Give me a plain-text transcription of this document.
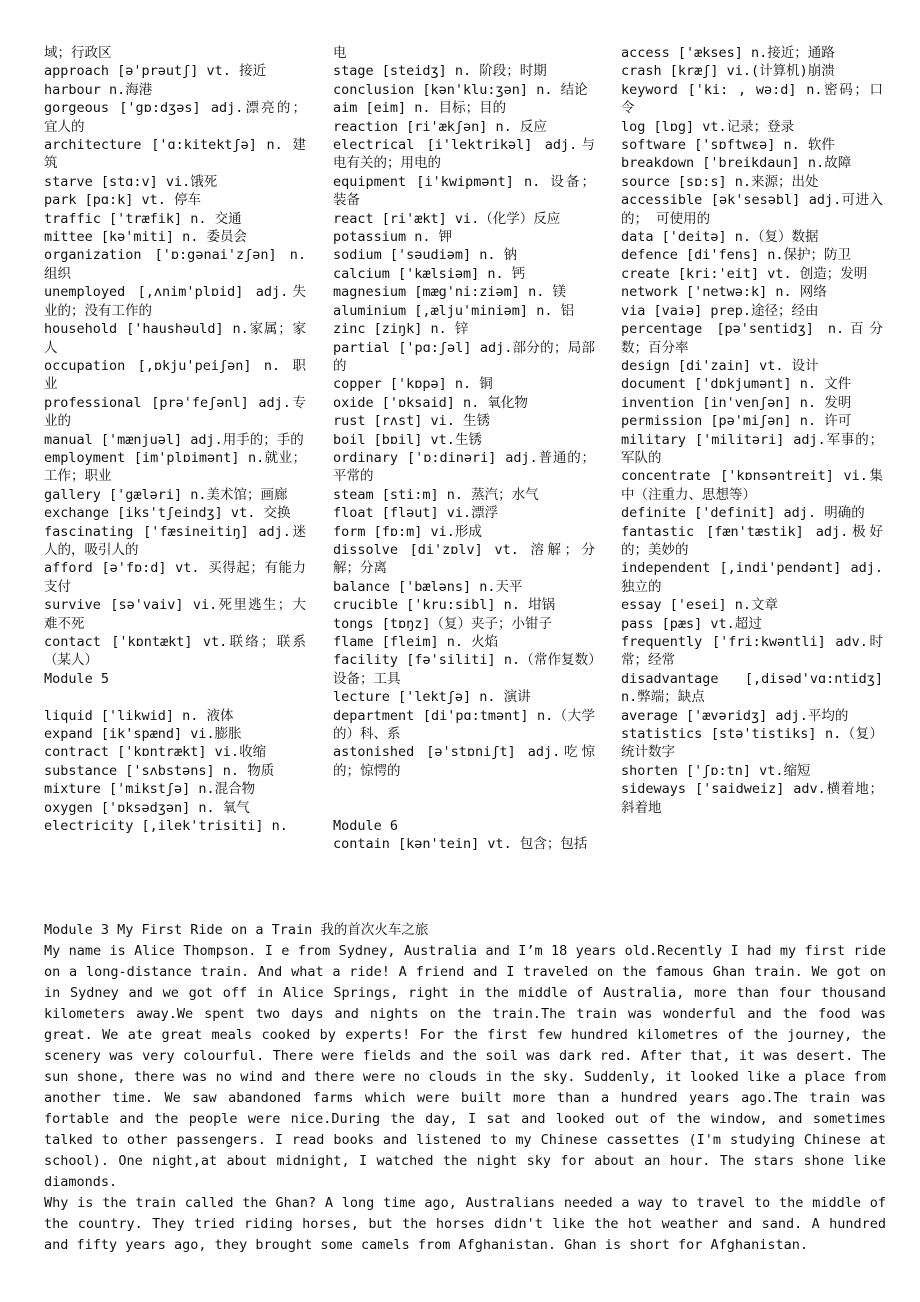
域；行政区

approach [ə'prəutʃ] vt. 接近

harbour n.海港

gorgeous ['gɒ:dʒəs] adj.漂亮的；宜人的

architecture ['ɑ:kitektʃə] n. 建筑

starve [stɑ:v] vi.饿死

park [pɑ:k] vt. 停车

traffic ['træfik] n. 交通

mittee [kə'miti] n. 委员会

organization ['ɒ:gənai'zʃən] n. 组织

unemployed [,ʌnim'plɒid] adj.失业的；没有工作的

household ['haushəuld] n.家属；家人

occupation [,ɒkju'peiʃən] n. 职业

professional [prə'feʃənl] adj.专业的

manual ['mænjuəl] adj.用手的；手的

employment [im'plɒimənt] n.就业；工作；职业

gallery ['gæləri] n.美术馆；画廊

exchange [iks'tʃeindʒ] vt. 交换

fascinating ['fæsineitiŋ] adj.迷人的，吸引人的

afford [ə'fɒ:d] vt. 买得起；有能力支付

survive [sə'vaiv] vi.死里逃生；大难不死

contact ['kɒntækt] vt.联络；联系（某人）

Module 5

liquid ['likwid] n. 液体

expand [ik'spænd] vi.膨胀

contract ['kɒntrækt] vi.收缩

substance ['sʌbstəns] n. 物质

mixture ['mikstʃə] n.混合物

oxygen ['ɒksədʒən] n. 氧气

electricity [,ilek'trisiti] n.

电

stage [steidʒ] n. 阶段；时期

conclusion [kən'klu:ʒən] n. 结论

aim [eim] n. 目标；目的

reaction [ri'ækʃən] n. 反应

electrical [i'lektrikəl] adj.与电有关的；用电的

equipment [i'kwipmənt] n. 设备；装备

react [ri'ækt] vi.（化学）反应

potassium n. 钾

sodium ['səudiəm] n. 钠

calcium ['kælsiəm] n. 钙

magnesium [mæg'ni:ziəm] n. 镁

aluminium [,ælju'miniəm] n. 铝

zinc [ziŋk] n. 锌

partial ['pɑ:ʃəl] adj.部分的；局部的

copper ['kɒpə] n. 铜

oxide ['ɒksaid] n. 氧化物

rust [rʌst] vi. 生锈

boil [bɒil] vt.生锈

ordinary ['ɒ:dinəri] adj.普通的；平常的

steam [sti:m] n. 蒸汽；水气

float [fləut] vi.漂浮

form [fɒ:m] vi.形成

dissolve [di'zɒlv] vt. 溶解；分解；分离

balance ['bæləns] n.天平

crucible ['kru:sibl] n. 坩锅

tongs [tɒŋz]（复）夹子；小钳子

flame [fleim] n. 火焰

facility [fə'siliti] n.（常作复数）设备；工具

lecture ['lektʃə] n. 演讲

department [di'pɑ:tmənt] n.（大学的）科、系

astonished [ə'stɒniʃt] adj.吃惊的；惊愕的

Module 6

contain [kən'tein] vt. 包含；包括

access ['ækses] n.接近；通路

crash [kræʃ] vi.(计算机)崩溃

keyword ['ki: , wə:d] n.密码；口令

log [lɒg] vt.记录；登录

software ['sɒftwɛə] n. 软件

breakdown ['breikdaun] n.故障

source [sɒ:s] n.来源；出处

accessible [ək'sesəbl] adj.可进入的； 可使用的

data ['deitə] n.（复）数据

defence [di'fens] n.保护；防卫

create [kri:'eit] vt. 创造；发明

network ['netwə:k] n. 网络

via [vaiə] prep.途径；经由

percentage [pə'sentidʒ] n.百分数；百分率

design [di'zain] vt. 设计

document ['dɒkjumənt] n. 文件

invention [in'venʃən] n. 发明

permission [pə'miʃən] n. 许可

military ['militəri] adj.军事的；军队的

concentrate ['kɒnsəntreit] vi.集中（注重力、思想等）

definite ['definit] adj. 明确的

fantastic [fæn'tæstik] adj.极好的；美妙的

independent [,indi'pendənt] adj.独立的

essay ['esei] n.文章

pass [pæs] vt.超过

frequently ['fri:kwəntli] adv.时常；经常

disadvantage [,disəd'vɑ:ntidʒ] n.弊端；缺点

average ['ævəridʒ] adj.平均的

statistics [stə'tistiks] n.（复）统计数字

shorten ['ʃɒ:tn] vt.缩短

sideways ['saidweiz] adv.横着地；斜着地

Module 3 My First Ride on a Train 我的首次火车之旅

My name is Alice Thompson. I e from Sydney, Australia and I’m 18 years old.Recently I had my first ride on a long-distance train. And what a ride! A friend and I traveled on the famous Ghan train. We got on in Sydney and we got off in Alice Springs, right in the middle of Australia, more than four thousand kilometers away.We spent two days and nights on the train.The train was wonderful and the food was great. We ate great meals cooked by experts! For the first few hundred kilometres of the journey, the scenery was very colourful. There were fields and the soil was dark red. After that, it was desert. The sun shone, there was no wind and there were no clouds in the sky. Suddenly, it looked like a place from another time. We saw abandoned farms which were built more than a hundred years ago.The train was fortable and the people were nice.During the day, I sat and looked out of the window, and sometimes talked to other passengers. I read books and listened to my Chinese cassettes (I'm studying Chinese at school). One night,at about midnight, I watched the night sky for about an hour. The stars shone like diamonds.

Why is the train called the Ghan? A long time ago, Australians needed a way to travel to the middle of the country. They tried riding horses, but the horses didn't like the hot weather and sand. A hundred and fifty years ago, they brought some camels from Afghanistan. Ghan is short for Afghanistan.
